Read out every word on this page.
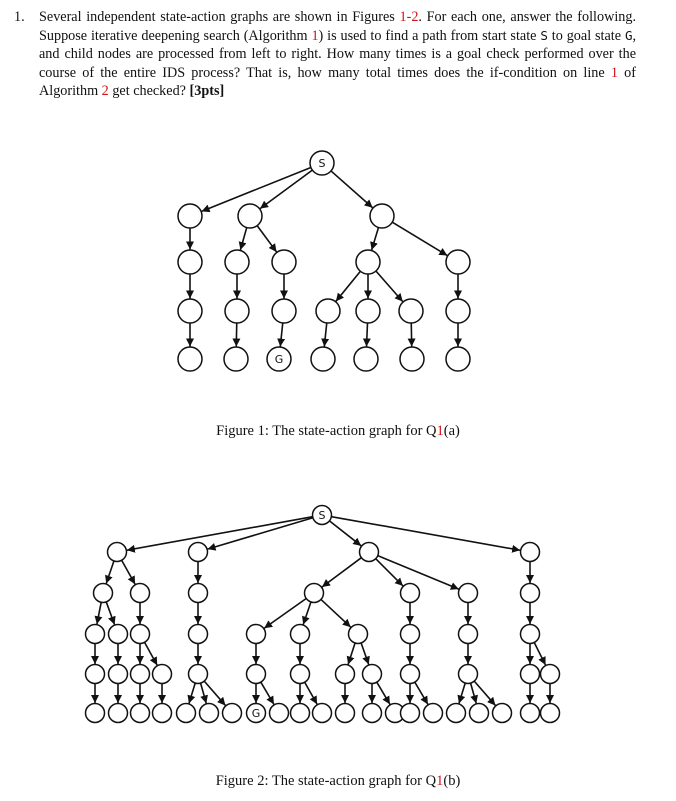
1. Several independent state-action graphs are shown in Figures 1-2. For each one, answer the following. Suppose iterative deepening search (Algorithm 1) is used to find a path from start state S to goal state G, and child nodes are processed from left to right. How many times is a goal check performed over the course of the entire IDS process? That is, how many total times does the if-condition on line 1 of Algorithm 2 get checked? [3pts]
S
G
Figure 1: The state-action graph for Q1(a)
S
G
Figure 2: The state-action graph for Q1(b)
